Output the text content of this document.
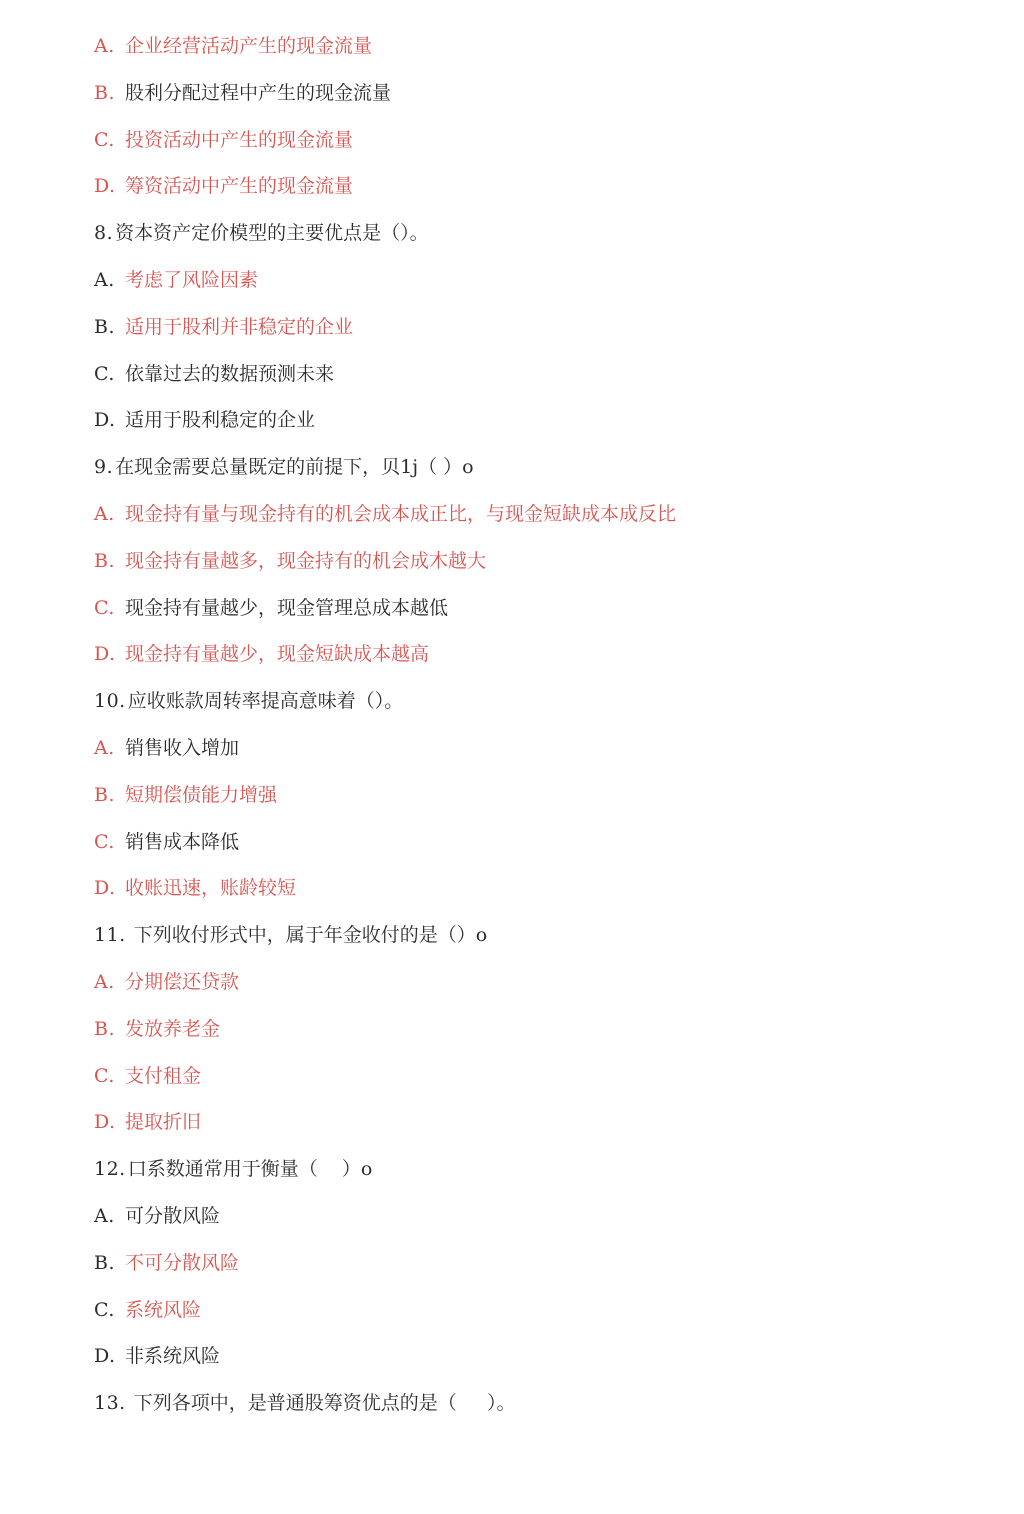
A. 企业经营活动产生的现金流量
B. 股利分配过程中产生的现金流量
C. 投资活动中产生的现金流量
D. 筹资活动中产生的现金流量
8. 资本资产定价模型的主要优点是（）。
A. 考虑了风险因素
B. 适用于股利并非稳定的企业
C. 依靠过去的数据预测未来
D. 适用于股利稳定的企业
9. 在现金需要总量既定的前提下，贝1j（ ）o
A. 现金持有量与现金持有的机会成本成正比，与现金短缺成本成反比
B. 现金持有量越多，现金持有的机会成木越大
C. 现金持有量越少，现金管理总成本越低
D. 现金持有量越少，现金短缺成本越高
10. 应收账款周转率提高意味着（）。
A. 销售收入增加
B. 短期偿债能力增强
C. 销售成本降低
D. 收账迅速，账龄较短
11. 下列收付形式中，属于年金收付的是（）o
A. 分期偿还贷款
B. 发放养老金
C. 支付租金
D. 提取折旧
12. 口系数通常用于衡量（    ）o
A. 可分散风险
B. 不可分散风险
C. 系统风险
D. 非系统风险
13. 下列各项中，是普通股筹资优点的是（     ）。
